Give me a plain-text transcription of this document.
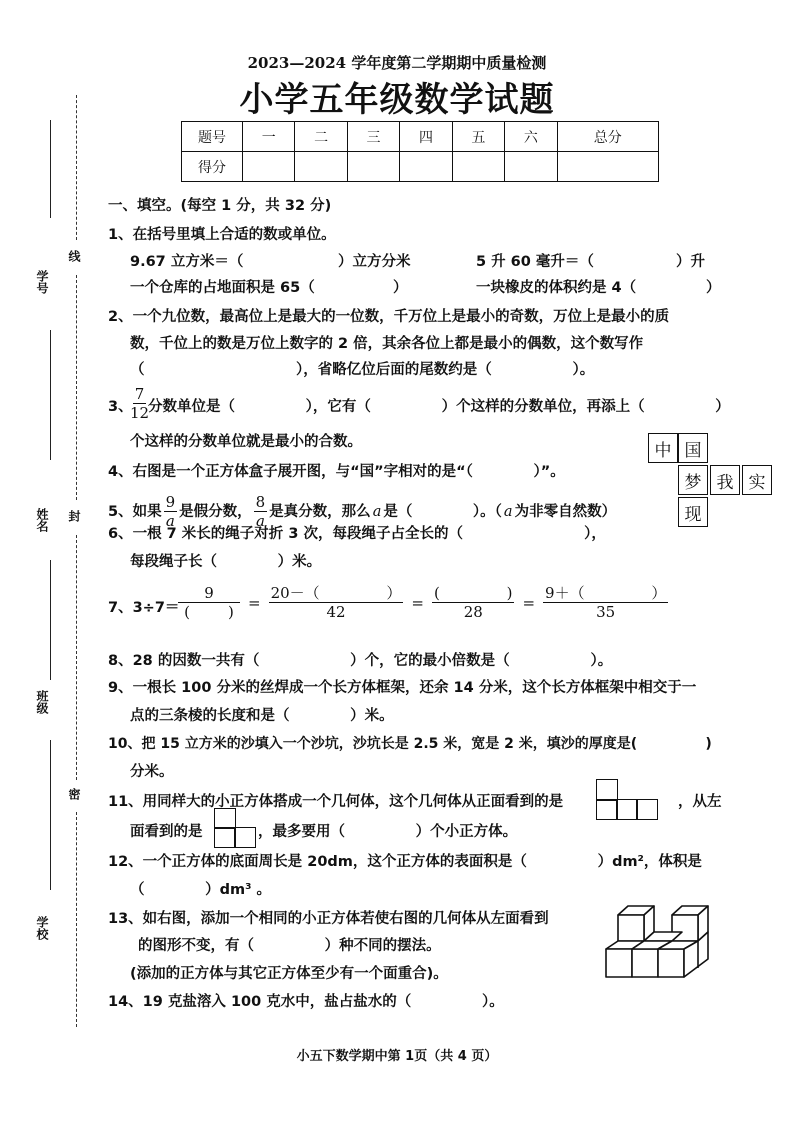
学号
姓名
班级
学校
线
封
密
2023—2024 学年度第二学期期中质量检测
小学五年级数学试题
题号	一	二	三	四	五	六	总分
得分							
一、填空。(每空 1 分，共 32 分)
1、在括号里填上合适的数或单位。
9.67 立方米＝（	）立方分米	5 升 60 毫升＝（	）升
一个仓库的占地面积是 65（	）	一块橡皮的体积约是 4（	）
2、一个九位数，最高位上是最大的一位数，千万位上是最小的奇数，万位上是最小的质
数，千位上的数是万位上数字的 2 倍，其余各位上都是最小的偶数，这个数写作
（                              ），省略亿位后面的尾数约是（                ）。
3、
$\frac{7}{12}$
分数单位是（              ），它有（              ）个这样的分数单位，再添上（              ）
个这样的分数单位就是最小的合数。	中 国
梦 我 实
现
4、右图是一个正方体盒子展开图，与“国”字相对的是“（            ）”。
5、如果 $\frac{9}{a}$ 是假分数， $\frac{8}{a}$ 是真分数，那么 a 是（            ）。（ a 为非零自然数）
6、一根 7 米长的绳子对折 3 次，每段绳子占全长的（                        ），
每段绳子长（            ）米。
7、3÷7＝
$\frac{9}{( )} = \frac{20-( )}{42} = \frac{( )}{28} = \frac{9+( )}{35}$
8、28 的因数一共有（                  ）个，它的最小倍数是（                ）。
9、一根长 100 分米的丝焊成一个长方体框架，还余 14 分米，这个长方体框架中相交于一
点的三条棱的长度和是（            ）米。
10、把 15 立方米的沙填入一个沙坑，沙坑长是 2.5 米，宽是 2 米，填沙的厚度是(              )
分米。
11、用同样大的小正方体搭成一个几何体，这个几何体从正面看到的是	，从左
面看到的是	，最多要用（              ）个小正方体。
12、一个正方体的底面周长是 20dm，这个正方体的表面积是（              ）dm²，体积是
（            ）dm³ 。
13、如右图，添加一个相同的小正方体若使右图的几何体从左面看到
的图形不变，有（              ）种不同的摆法。
(添加的正方体与其它正方体至少有一个面重合)。
14、19 克盐溶入 100 克水中，盐占盐水的（              ）。
小五下数学期中第 1页（共 4 页）
